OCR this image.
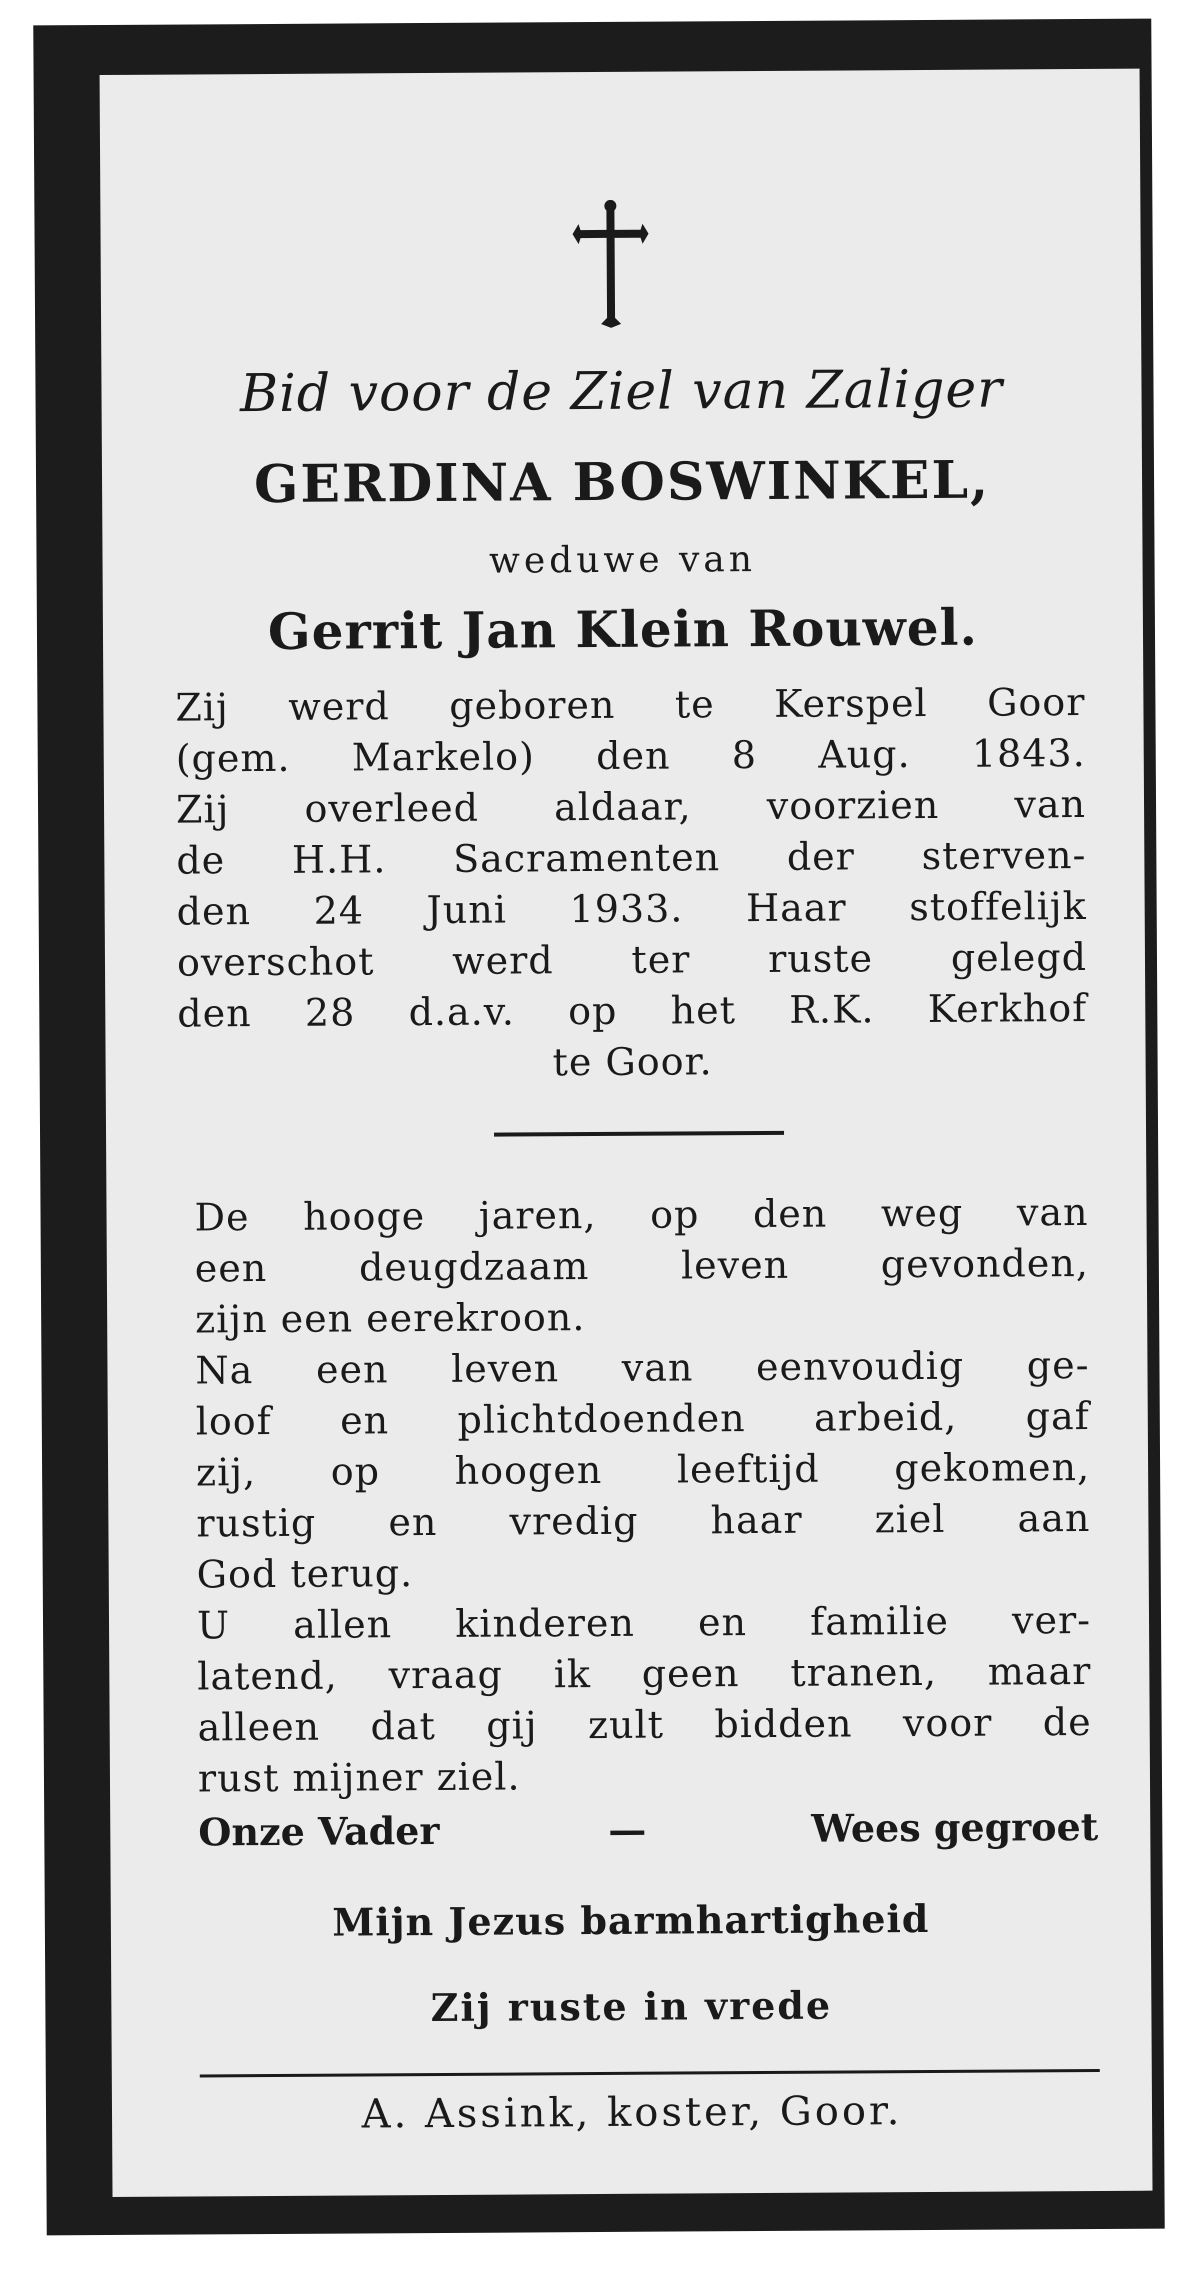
Bid voor de Ziel van Zaliger
GERDINA BOSWINKEL,
weduwe van
Gerrit Jan Klein Rouwel.
Zij werd geboren te Kerspel Goor
(gem. Markelo) den 8 Aug. 1843.
Zij overleed aldaar, voorzien van
de H.H. Sacramenten der sterven-
den 24 Juni 1933. Haar stoffelijk
overschot werd ter ruste gelegd
den 28 d.a.v. op het R.K. Kerkhof
te Goor.
De hooge jaren, op den weg van
een deugdzaam leven gevonden,
zijn een eerekroon.
Na een leven van eenvoudig ge-
loof en plichtdoenden arbeid, gaf
zij, op hoogen leeftijd gekomen,
rustig en vredig haar ziel aan
God terug.
U allen kinderen en familie ver-
latend, vraag ik geen tranen, maar
alleen dat gij zult bidden voor de
rust mijner ziel.
Onze Vader	—	Wees gegroet
Mijn Jezus barmhartigheid
Zij ruste in vrede
A. Assink, koster, Goor.
